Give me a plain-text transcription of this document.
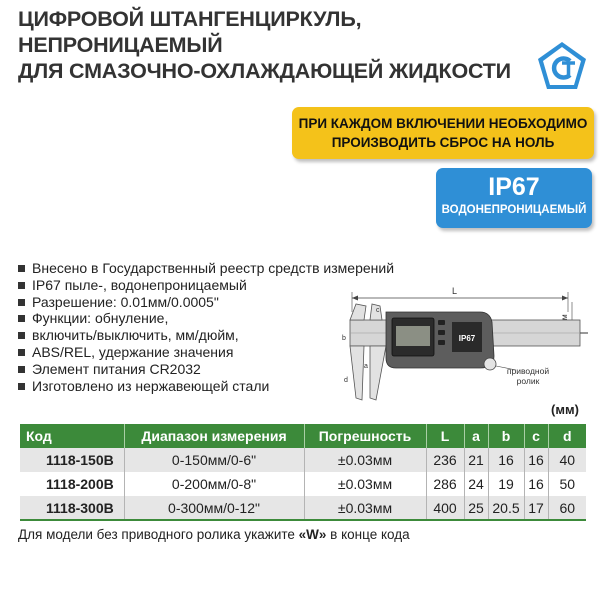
ЦИФРОВОЙ ШТАНГЕНЦИРКУЛЬ, НЕПРОНИЦАЕМЫЙ
ДЛЯ СМАЗОЧНО-ОХЛАЖДАЮЩЕЙ ЖИДКОСТИ
ПРИ КАЖДОМ ВКЛЮЧЕНИИ НЕОБХОДИМО
ПРОИЗВОДИТЬ СБРОС НА НОЛЬ
IP67
ВОДОНЕПРОНИЦАЕМЫЙ
Внесено в Государственный реестр средств измерений
IP67 пыле-, водонепроницаемый
Разрешение: 0.01мм/0.0005"
Функции: обнуление,
включить/выключить, мм/дюйм,
ABS/REL, удержание значения
Элемент питания CR2032
Изготовлено из нержавеющей стали
L
a
b
c
d
IP67
приводной
ролик
(мм)
Код	Диапазон измерения	Погрешность	L	a	b	c	d
1118-150B	0-150мм/0-6"	±0.03мм	236	21	16	16	40
1118-200B	0-200мм/0-8"	±0.03мм	286	24	19	16	50
1118-300B	0-300мм/0-12"	±0.03мм	400	25	20.5	17	60
Для модели без приводного ролика укажите «W» в конце кода
